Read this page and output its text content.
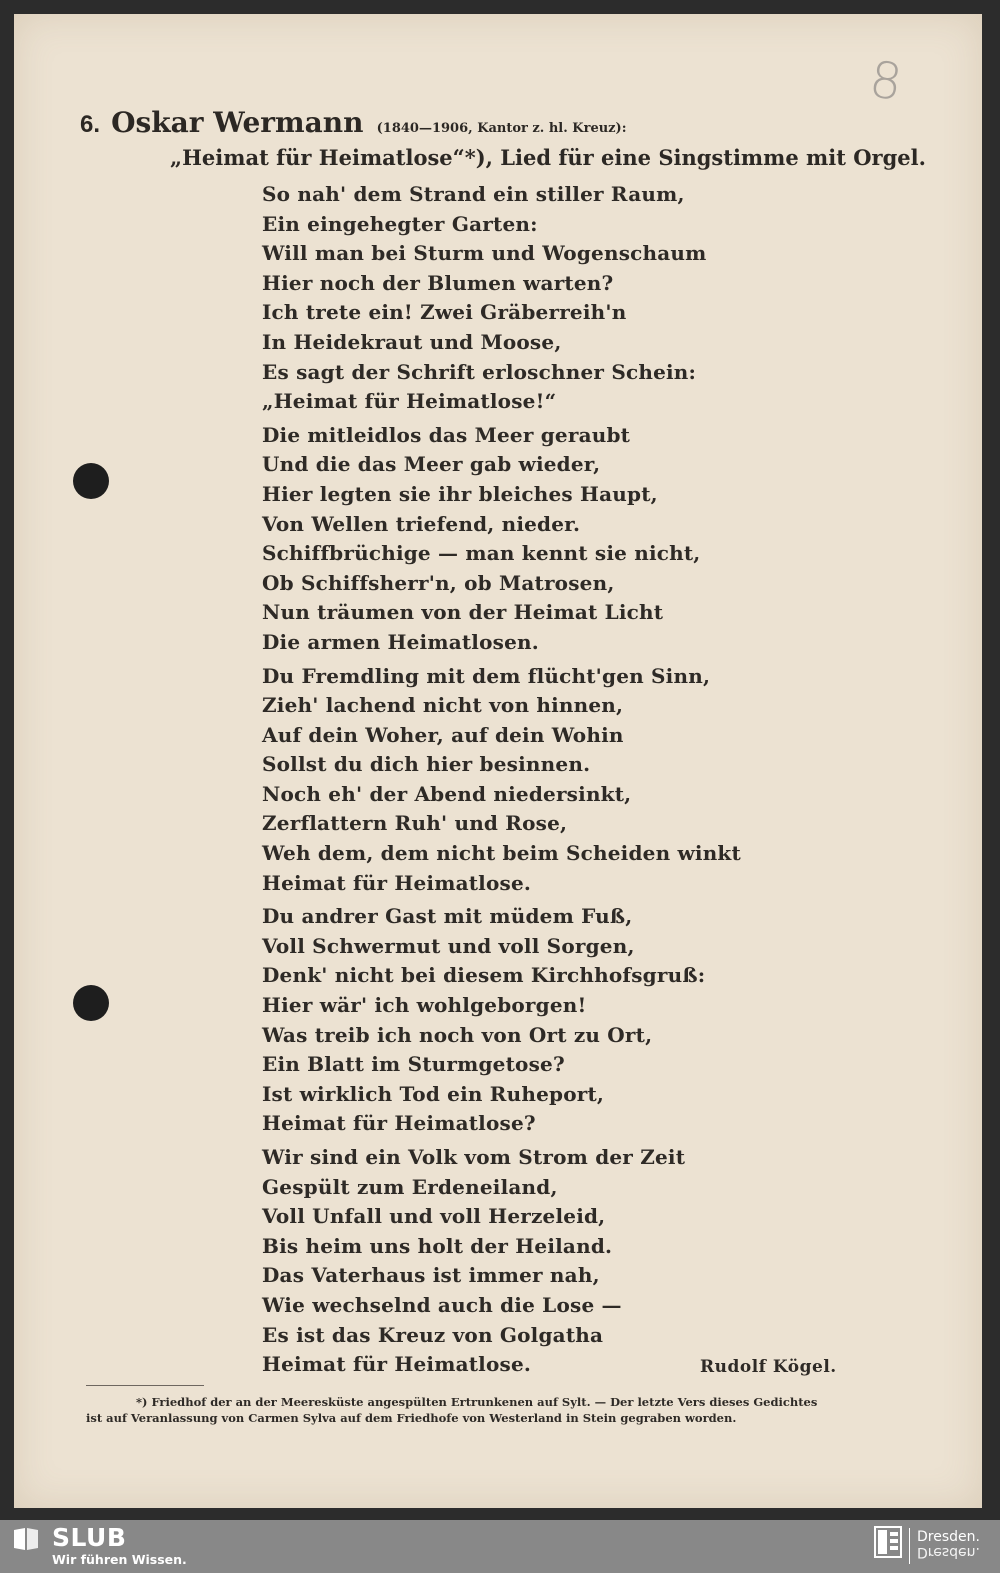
8
6. Oskar Wermann (1840—1906, Kantor z. hl. Kreuz):
„Heimat für Heimatlose“*), Lied für eine Singstimme mit Orgel.
So nah' dem Strand ein stiller Raum,
Ein eingehegter Garten:
Will man bei Sturm und Wogenschaum
Hier noch der Blumen warten?
Ich trete ein! Zwei Gräberreih'n
In Heidekraut und Moose,
Es sagt der Schrift erloschner Schein:
„Heimat für Heimatlose!“
Die mitleidlos das Meer geraubt
Und die das Meer gab wieder,
Hier legten sie ihr bleiches Haupt,
Von Wellen triefend, nieder.
Schiffbrüchige — man kennt sie nicht,
Ob Schiffsherr'n, ob Matrosen,
Nun träumen von der Heimat Licht
Die armen Heimatlosen.
Du Fremdling mit dem flücht'gen Sinn,
Zieh' lachend nicht von hinnen,
Auf dein Woher, auf dein Wohin
Sollst du dich hier besinnen.
Noch eh' der Abend niedersinkt,
Zerflattern Ruh' und Rose,
Weh dem, dem nicht beim Scheiden winkt
Heimat für Heimatlose.
Du andrer Gast mit müdem Fuß,
Voll Schwermut und voll Sorgen,
Denk' nicht bei diesem Kirchhofsgruß:
Hier wär' ich wohlgeborgen!
Was treib ich noch von Ort zu Ort,
Ein Blatt im Sturmgetose?
Ist wirklich Tod ein Ruheport,
Heimat für Heimatlose?
Wir sind ein Volk vom Strom der Zeit
Gespült zum Erdeneiland,
Voll Unfall und voll Herzeleid,
Bis heim uns holt der Heiland.
Das Vaterhaus ist immer nah,
Wie wechselnd auch die Lose —
Es ist das Kreuz von Golgatha
Heimat für Heimatlose.	Rudolf Kögel.
*) Friedhof der an der Meeresküste angespülten Ertrunkenen auf Sylt. — Der letzte Vers dieses Gedichtes
ist auf Veranlassung von Carmen Sylva auf dem Friedhofe von Westerland in Stein gegraben worden.
SLUB
Wir führen Wissen.
Dresden.
Dresden.
